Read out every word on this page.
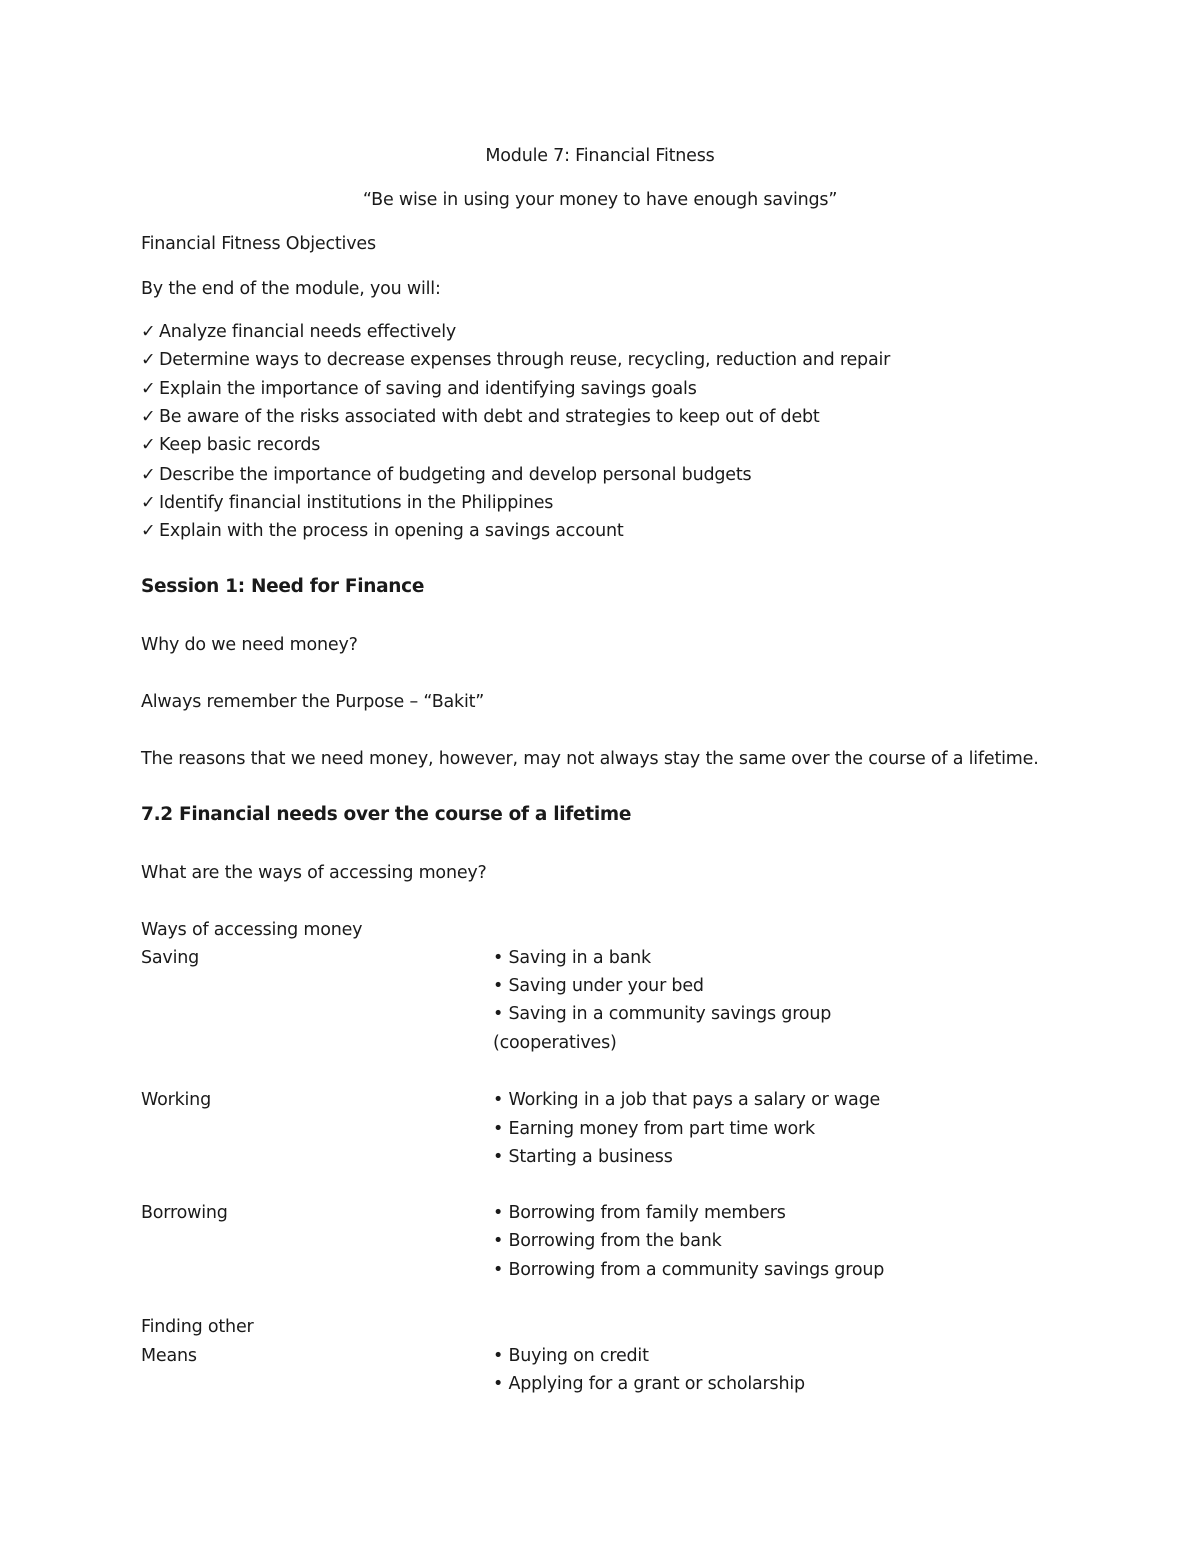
Module 7: Financial Fitness
“Be wise in using your money to have enough savings”
Financial Fitness Objectives
By the end of the module, you will:
✓ Analyze financial needs effectively
✓ Determine ways to decrease expenses through reuse, recycling, reduction and repair
✓ Explain the importance of saving and identifying savings goals
✓ Be aware of the risks associated with debt and strategies to keep out of debt
✓ Keep basic records
✓ Describe the importance of budgeting and develop personal budgets
✓ Identify financial institutions in the Philippines
✓ Explain with the process in opening a savings account
Session 1: Need for Finance
Why do we need money?
Always remember the Purpose – “Bakit”
The reasons that we need money, however, may not always stay the same over the course of a lifetime.
7.2 Financial needs over the course of a lifetime
What are the ways of accessing money?
Ways of accessing money
Saving	• Saving in a bank
• Saving under your bed
• Saving in a community savings group
(cooperatives)
Working	• Working in a job that pays a salary or wage
• Earning money from part time work
• Starting a business
Borrowing	• Borrowing from family members
• Borrowing from the bank
• Borrowing from a community savings group
Finding other
Means	• Buying on credit
• Applying for a grant or scholarship
